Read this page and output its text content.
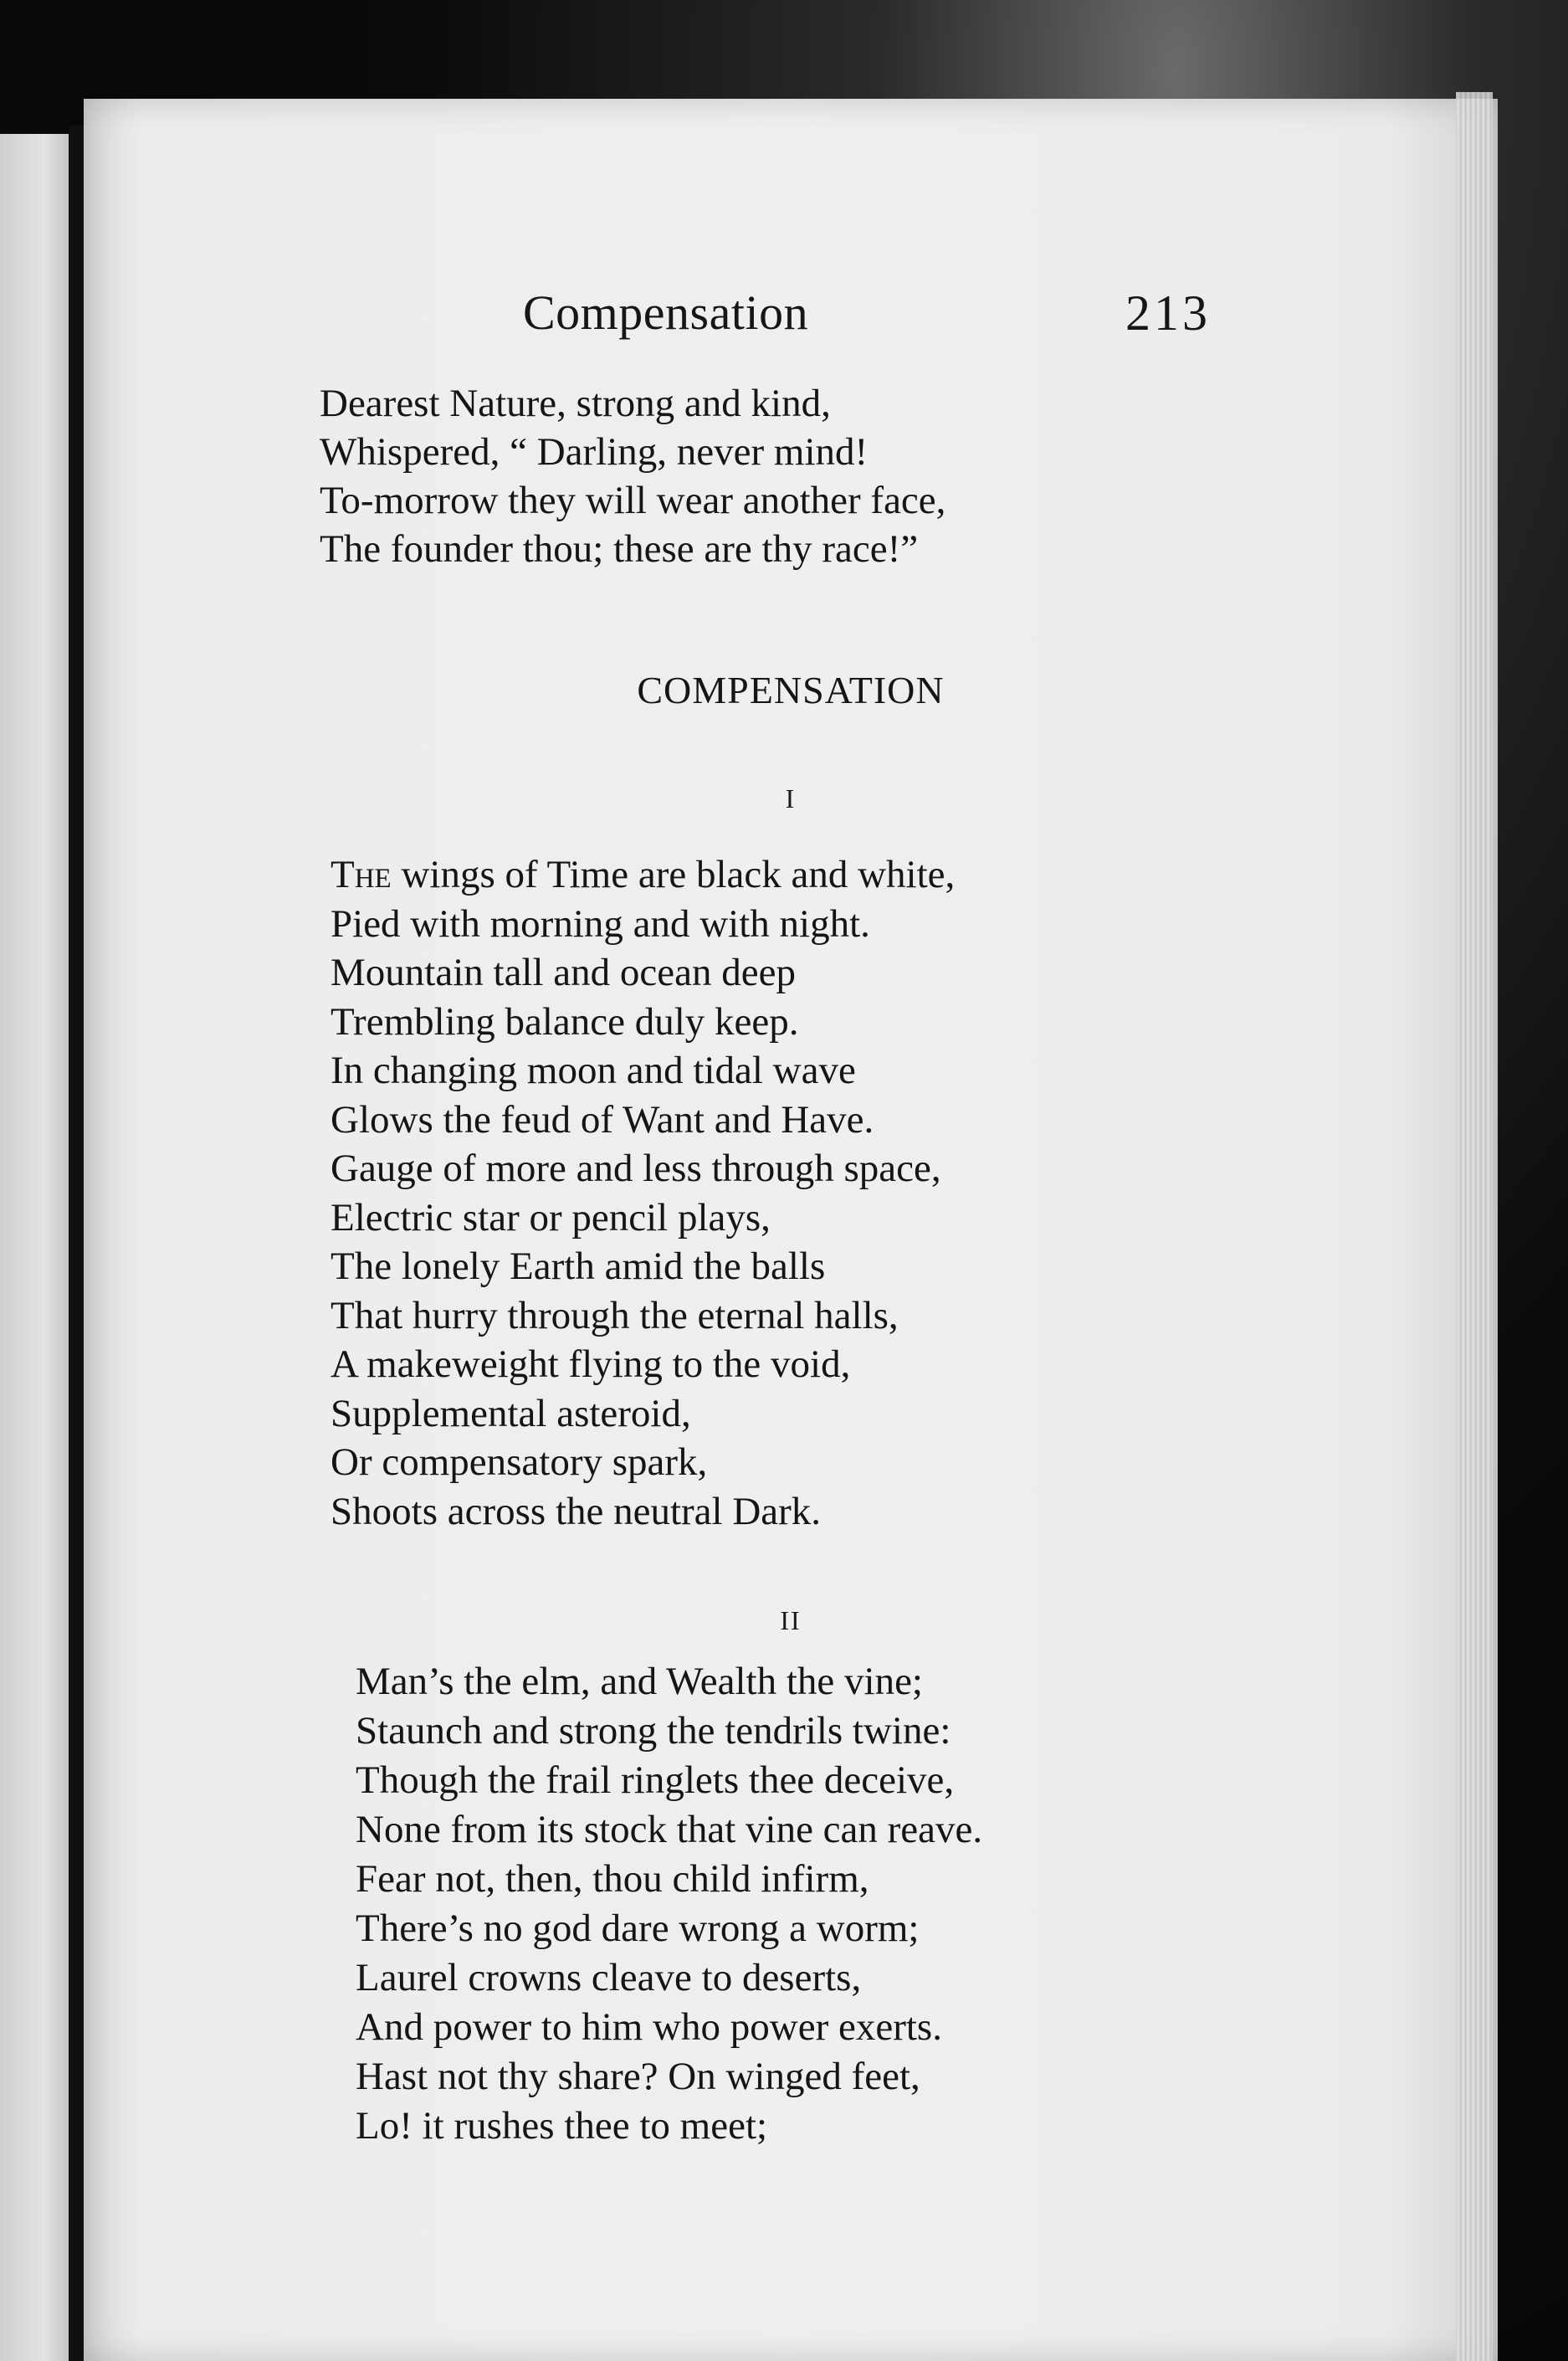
Compensation	213
Dearest Nature, strong and kind,
Whispered, “ Darling, never mind!
To-morrow they will wear another face,
The founder thou; these are thy race!”
COMPENSATION
I
The wings of Time are black and white,
Pied with morning and with night.
Mountain tall and ocean deep
Trembling balance duly keep.
In changing moon and tidal wave
Glows the feud of Want and Have.
Gauge of more and less through space,
Electric star or pencil plays,
The lonely Earth amid the balls
That hurry through the eternal halls,
A makeweight flying to the void,
Supplemental asteroid,
Or compensatory spark,
Shoots across the neutral Dark.
II
Man’s the elm, and Wealth the vine;
Staunch and strong the tendrils twine:
Though the frail ringlets thee deceive,
None from its stock that vine can reave.
Fear not, then, thou child infirm,
There’s no god dare wrong a worm;
Laurel crowns cleave to deserts,
And power to him who power exerts.
Hast not thy share? On winged feet,
Lo! it rushes thee to meet;
